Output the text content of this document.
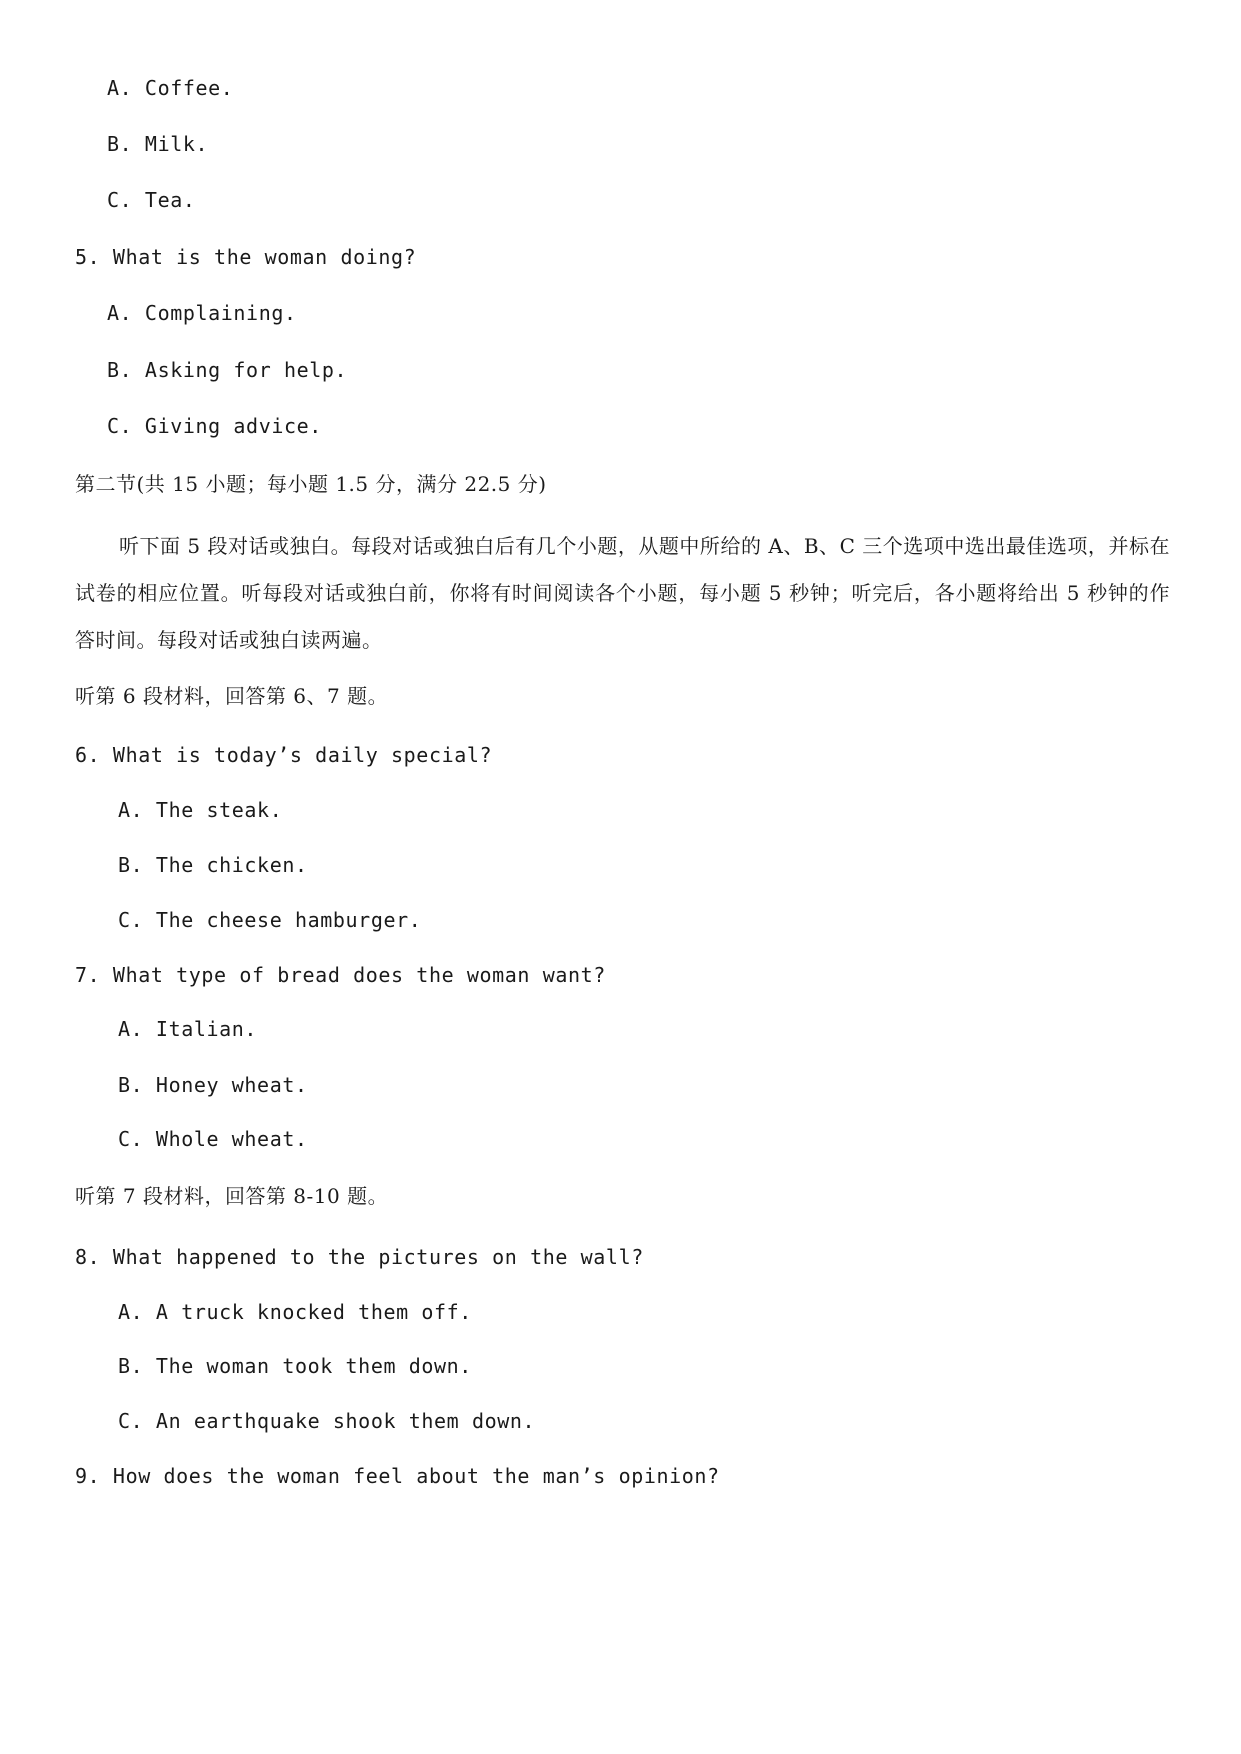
A. Coffee.
B. Milk.
C. Tea.
5. What is the woman doing?
A. Complaining.
B. Asking for help.
C. Giving advice.
第二节(共 15 小题；每小题 1.5 分，满分 22.5 分)
听下面 5 段对话或独白。每段对话或独白后有几个小题，从题中所给的 A、B、C 三个选项中选出最佳选项，并标在试卷的相应位置。听每段对话或独白前，你将有时间阅读各个小题，每小题 5 秒钟；听完后，各小题将给出 5 秒钟的作答时间。每段对话或独白读两遍。
听第 6 段材料，回答第 6、7 题。
6. What is today’s daily special?
A. The steak.
B. The chicken.
C. The cheese hamburger.
7. What type of bread does the woman want?
A. Italian.
B. Honey wheat.
C. Whole wheat.
听第 7 段材料，回答第 8-10 题。
8. What happened to the pictures on the wall?
A. A truck knocked them off.
B. The woman took them down.
C. An earthquake shook them down.
9. How does the woman feel about the man’s opinion?
